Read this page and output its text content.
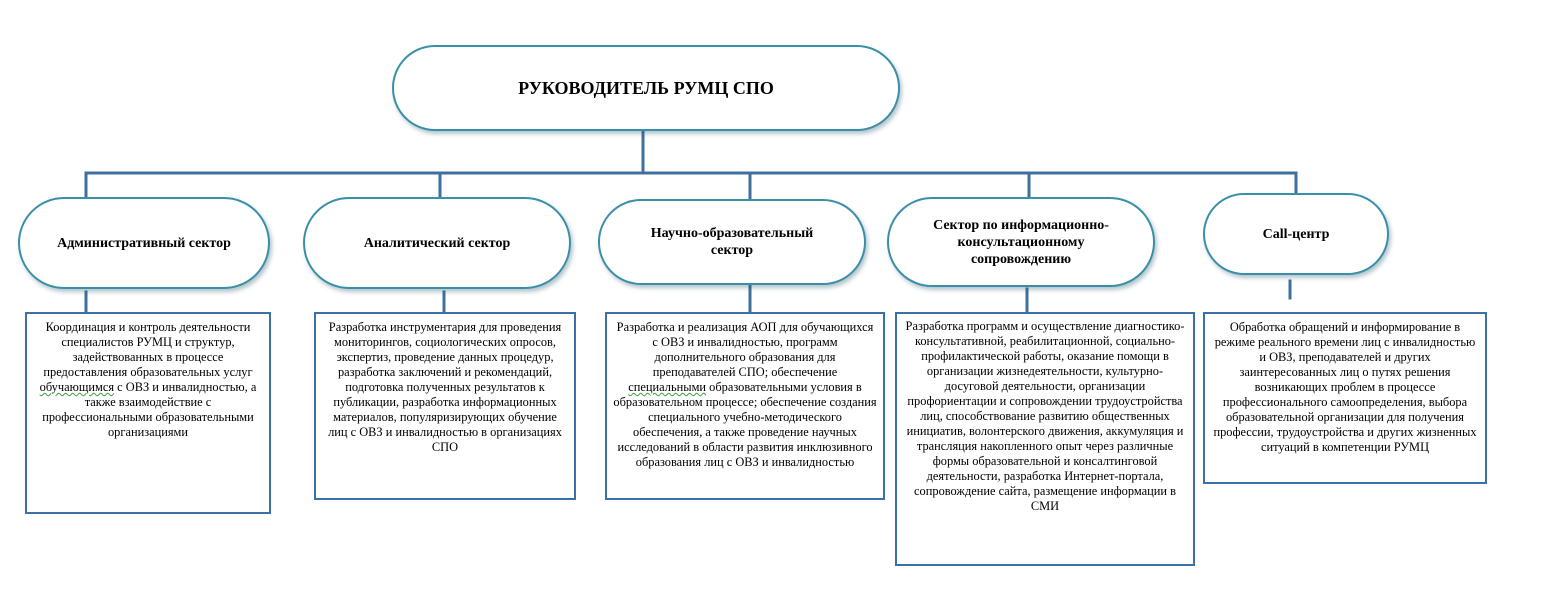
РУКОВОДИТЕЛЬ РУМЦ СПО
Административный сектор	Аналитический сектор
Научно-образовательный сектор
Сектор по информационно-консультационному сопровождению
Call-центр

Координация и контроль деятельности специалистов РУМЦ и структур, задействованных в процессе предоставления образовательных услуг обучающимся с ОВЗ и инвалидностью, а также взаимодействие с профессиональными образовательными организациями

Разработка инструментария для проведения мониторингов, социологических опросов, экспертиз, проведение данных процедур, разработка заключений и рекомендаций, подготовка полученных результатов к публикации, разработка информационных материалов, популяризирующих обучение лиц с ОВЗ и инвалидностью в организациях СПО

Разработка и реализация АОП для обучающихся с ОВЗ и инвалидностью, программ дополнительного образования для преподавателей СПО; обеспечение специальными образовательными условия в образовательном процессе; обеспечение создания специального учебно-методического обеспечения, а также проведение научных исследований в области развития инклюзивного образования лиц с ОВЗ и инвалидностью

Разработка программ и осуществление диагностико-консультативной, реабилитационной, социально-профилактической работы, оказание помощи в организации жизнедеятельности, культурно-досуговой деятельности, организации профориентации и сопровождении трудоустройства лиц, способствование развитию общественных инициатив, волонтерского движения, аккумуляция и трансляция накопленного опыт через различные формы образовательной и консалтинговой деятельности, разработка Интернет-портала, сопровождение сайта, размещение информации в СМИ

Обработка обращений и информирование в режиме реального времени лиц с инвалидностью и ОВЗ, преподавателей и других заинтересованных лиц о путях решения возникающих проблем в процессе профессионального самоопределения, выбора образовательной организации для получения профессии, трудоустройства и других жизненных ситуаций в компетенции РУМЦ
